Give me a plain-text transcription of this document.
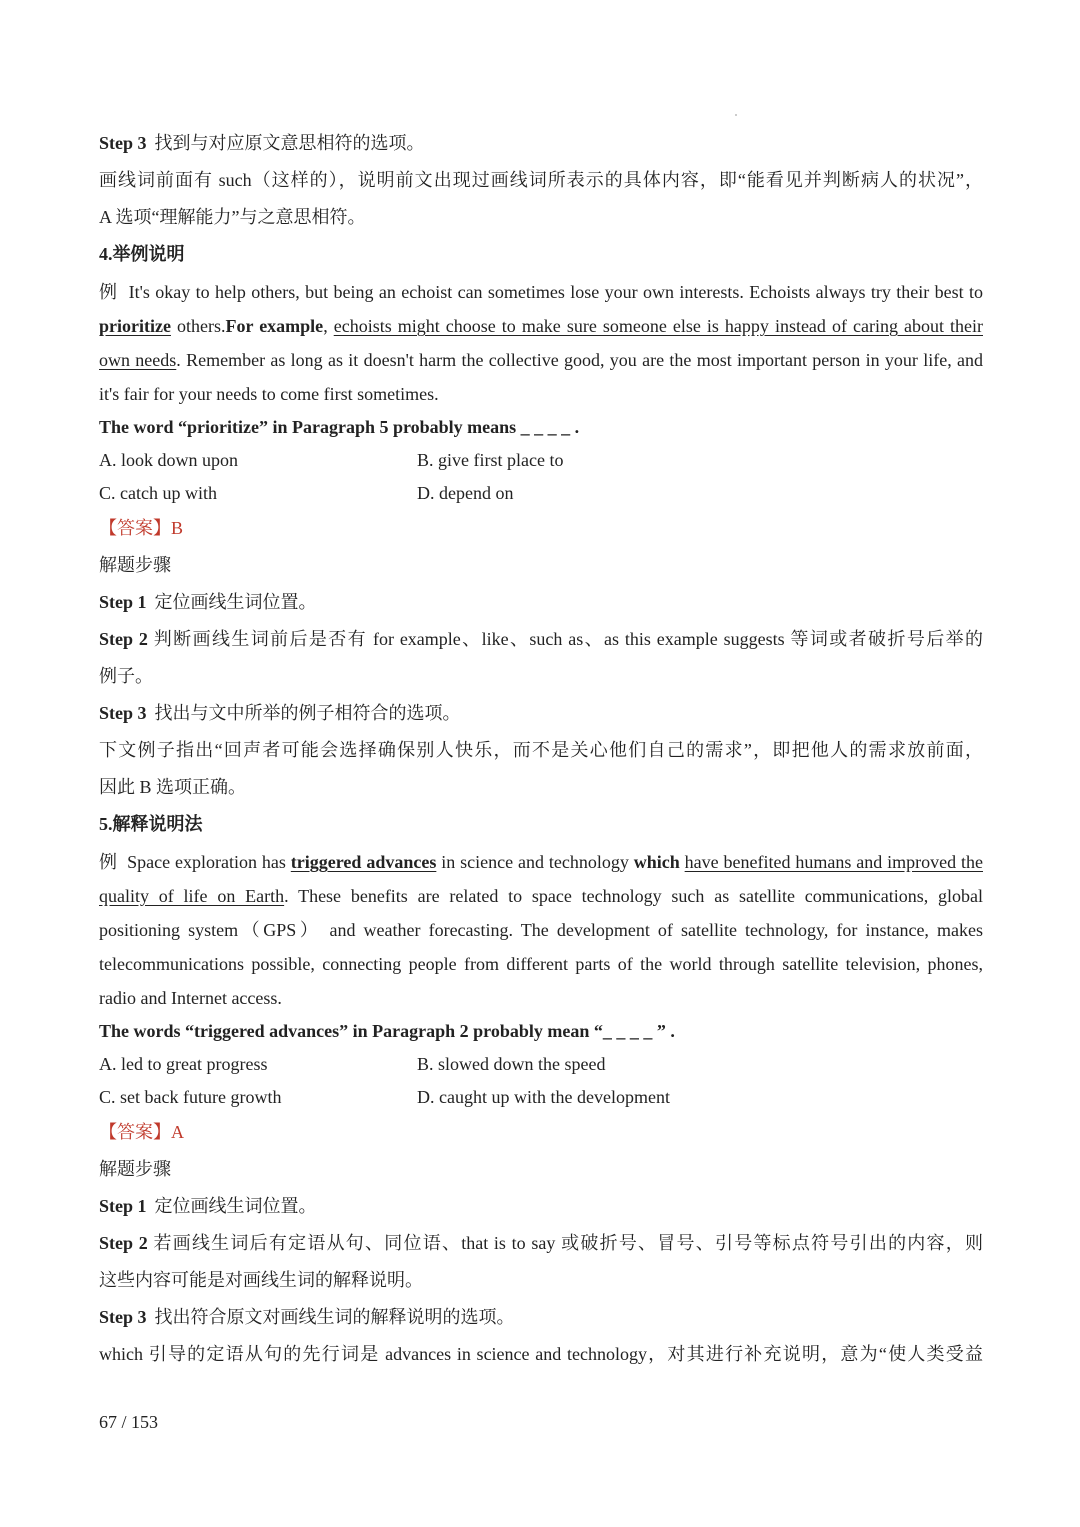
Step 3 找到与对应原文意思相符的选项。

画线词前面有 such（这样的），说明前文出现过画线词所表示的具体内容，即“能看见并判断病人的状况”，

A 选项“理解能力”与之意思相符。

4.举例说明

例 It's okay to help others, but being an echoist can sometimes lose your own interests. Echoists always try their best to prioritize others.For example, echoists might choose to make sure someone else is happy instead of caring about their own needs. Remember as long as it doesn't harm the collective good, you are the most important person in your life, and it's fair for your needs to come first sometimes.

The word “prioritize” in Paragraph 5 probably means _ _ _ _ .

A. look down upon	B. give first place to
C. catch up with	D. depend on

【答案】B

解题步骤

Step 1 定位画线生词位置。

Step 2 判断画线生词前后是否有 for example、like、such as、as this example suggests 等词或者破折号后举的

例子。

Step 3 找出与文中所举的例子相符合的选项。

下文例子指出“回声者可能会选择确保别人快乐，而不是关心他们自己的需求”，即把他人的需求放前面，

因此 B 选项正确。

5.解释说明法

例 Space exploration has triggered advances in science and technology which have benefited humans and improved the quality of life on Earth. These benefits are related to space technology such as satellite communications, global positioning system（GPS） and weather forecasting. The development of satellite technology, for instance, makes telecommunications possible, connecting people from different parts of the world through satellite television, phones, radio and Internet access.

The words “triggered advances” in Paragraph 2 probably mean “_ _ _ _ ” .

A. led to great progress	B. slowed down the speed
C. set back future growth	D. caught up with the development

【答案】A

解题步骤

Step 1 定位画线生词位置。

Step 2 若画线生词后有定语从句、同位语、that is to say 或破折号、冒号、引号等标点符号引出的内容，则

这些内容可能是对画线生词的解释说明。

Step 3 找出符合原文对画线生词的解释说明的选项。

which 引导的定语从句的先行词是 advances in science and technology，对其进行补充说明，意为“使人类受益

67 / 153
